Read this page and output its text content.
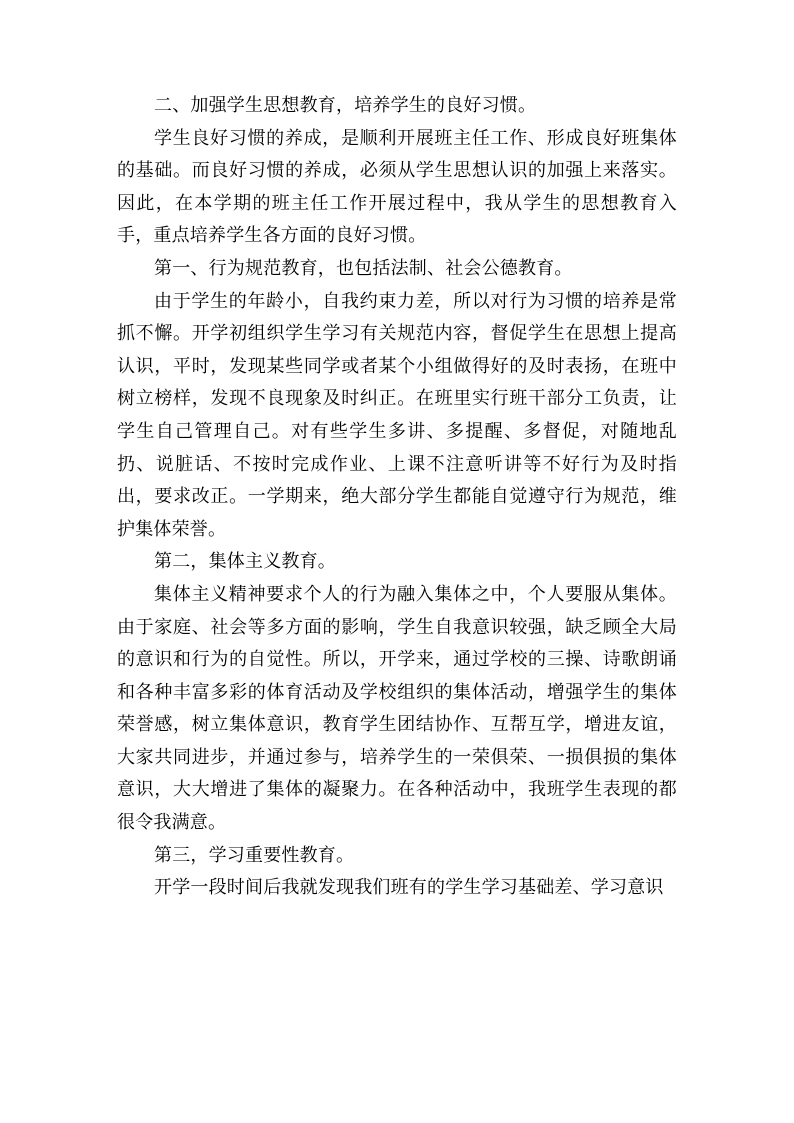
二、加强学生思想教育，培养学生的良好习惯。

学生良好习惯的养成，是顺利开展班主任工作、形成良好班集体的基础。而良好习惯的养成，必须从学生思想认识的加强上来落实。因此，在本学期的班主任工作开展过程中，我从学生的思想教育入手，重点培养学生各方面的良好习惯。

第一、行为规范教育，也包括法制、社会公德教育。

由于学生的年龄小，自我约束力差，所以对行为习惯的培养是常抓不懈。开学初组织学生学习有关规范内容，督促学生在思想上提高认识，平时，发现某些同学或者某个小组做得好的及时表扬，在班中树立榜样，发现不良现象及时纠正。在班里实行班干部分工负责，让学生自己管理自己。对有些学生多讲、多提醒、多督促，对随地乱扔、说脏话、不按时完成作业、上课不注意听讲等不好行为及时指出，要求改正。一学期来，绝大部分学生都能自觉遵守行为规范，维护集体荣誉。

第二，集体主义教育。

集体主义精神要求个人的行为融入集体之中，个人要服从集体。由于家庭、社会等多方面的影响，学生自我意识较强，缺乏顾全大局的意识和行为的自觉性。所以，开学来，通过学校的三操、诗歌朗诵和各种丰富多彩的体育活动及学校组织的集体活动，增强学生的集体荣誉感，树立集体意识，教育学生团结协作、互帮互学，增进友谊，大家共同进步，并通过参与，培养学生的一荣俱荣、一损俱损的集体意识，大大增进了集体的凝聚力。在各种活动中，我班学生表现的都很令我满意。

第三，学习重要性教育。

开学一段时间后我就发现我们班有的学生学习基础差、学习意识
